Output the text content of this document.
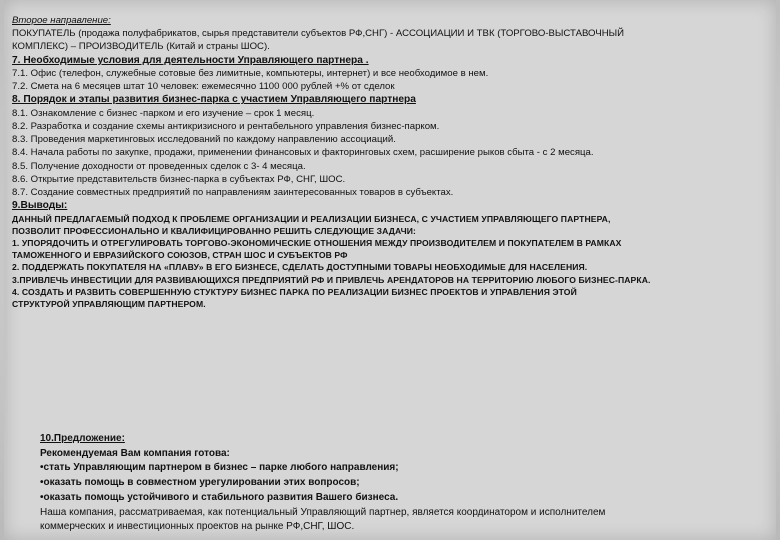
Второе направление:
ПОКУПАТЕЛЬ (продажа полуфабрикатов, сырья представители субъектов РФ,СНГ) - АССОЦИАЦИИ И ТВК (ТОРГОВО-ВЫСТАВОЧНЫЙ
КОМПЛЕКС) – ПРОИЗВОДИТЕЛЬ (Китай и страны ШОС).
7. Необходимые условия для деятельности Управляющего партнера .
7.1. Офис (телефон, служебные сотовые без лимитные, компьютеры, интернет) и все необходимое в нем.
7.2. Смета на 6 месяцев штат 10 человек: ежемесячно 1100 000 рублей +% от сделок
8. Порядок и этапы развития бизнес-парка с участием Управляющего партнера
8.1. Ознакомление с бизнес -парком и его изучение – срок 1 месяц.
8.2. Разработка и создание схемы антикризисного и рентабельного управления бизнес-парком.
8.3. Проведения маркетинговых исследований по каждому направлению ассоциаций.
8.4. Начала работы по закупке, продажи, применении финансовых и факторинговых схем, расширение рыков сбыта - с 2 месяца.
8.5. Получение доходности от проведенных сделок с 3- 4 месяца.
8.6. Открытие представительств бизнес-парка в субъектах РФ, СНГ, ШОС.
8.7. Создание совместных предприятий по направлениям заинтересованных товаров в субъектах.
9.Выводы:
ДАННЫЙ ПРЕДЛАГАЕМЫЙ ПОДХОД К ПРОБЛЕМЕ ОРГАНИЗАЦИИ И РЕАЛИЗАЦИИ БИЗНЕСА, С УЧАСТИЕМ УПРАВЛЯЮЩЕГО ПАРТНЕРА,
ПОЗВОЛИТ ПРОФЕССИОНАЛЬНО И КВАЛИФИЦИРОВАННО РЕШИТЬ СЛЕДУЮЩИЕ ЗАДАЧИ:
1. УПОРЯДОЧИТЬ И ОТРЕГУЛИРОВАТЬ ТОРГОВО-ЭКОНОМИЧЕСКИЕ ОТНОШЕНИЯ МЕЖДУ ПРОИЗВОДИТЕЛЕМ И ПОКУПАТЕЛЕМ В РАМКАХ
ТАМОЖЕННОГО И ЕВРАЗИЙСКОГО СОЮЗОВ, СТРАН ШОС И СУБЪЕКТОВ РФ
2. ПОДДЕРЖАТЬ ПОКУПАТЕЛЯ НА «ПЛАВУ» В ЕГО БИЗНЕСЕ, СДЕЛАТЬ ДОСТУПНЫМИ ТОВАРЫ НЕОБХОДИМЫЕ ДЛЯ НАСЕЛЕНИЯ.
3.ПРИВЛЕЧЬ ИНВЕСТИЦИИ ДЛЯ РАЗВИВАЮЩИХСЯ ПРЕДПРИЯТИЙ РФ И ПРИВЛЕЧЬ АРЕНДАТОРОВ НА ТЕРРИТОРИЮ ЛЮБОГО БИЗНЕС-ПАРКА.
4. СОЗДАТЬ И РАЗВИТЬ СОВЕРШЕННУЮ СТУКТУРУ БИЗНЕС ПАРКА ПО РЕАЛИЗАЦИИ БИЗНЕС ПРОЕКТОВ И УПРАВЛЕНИЯ ЭТОЙ
СТРУКТУРОЙ УПРАВЛЯЮЩИМ ПАРТНЕРОМ.
10.Предложение:
Рекомендуемая Вам компания готова:
•стать Управляющим партнером в бизнес – парке любого направления;
•оказать помощь в совместном урегулировании этих вопросов;
•оказать помощь устойчивого и стабильного развития Вашего бизнеса.
Наша компания, рассматриваемая, как потенциальный Управляющий партнер, является координатором и исполнителем
коммерческих и инвестиционных проектов на рынке РФ,СНГ, ШОС.
